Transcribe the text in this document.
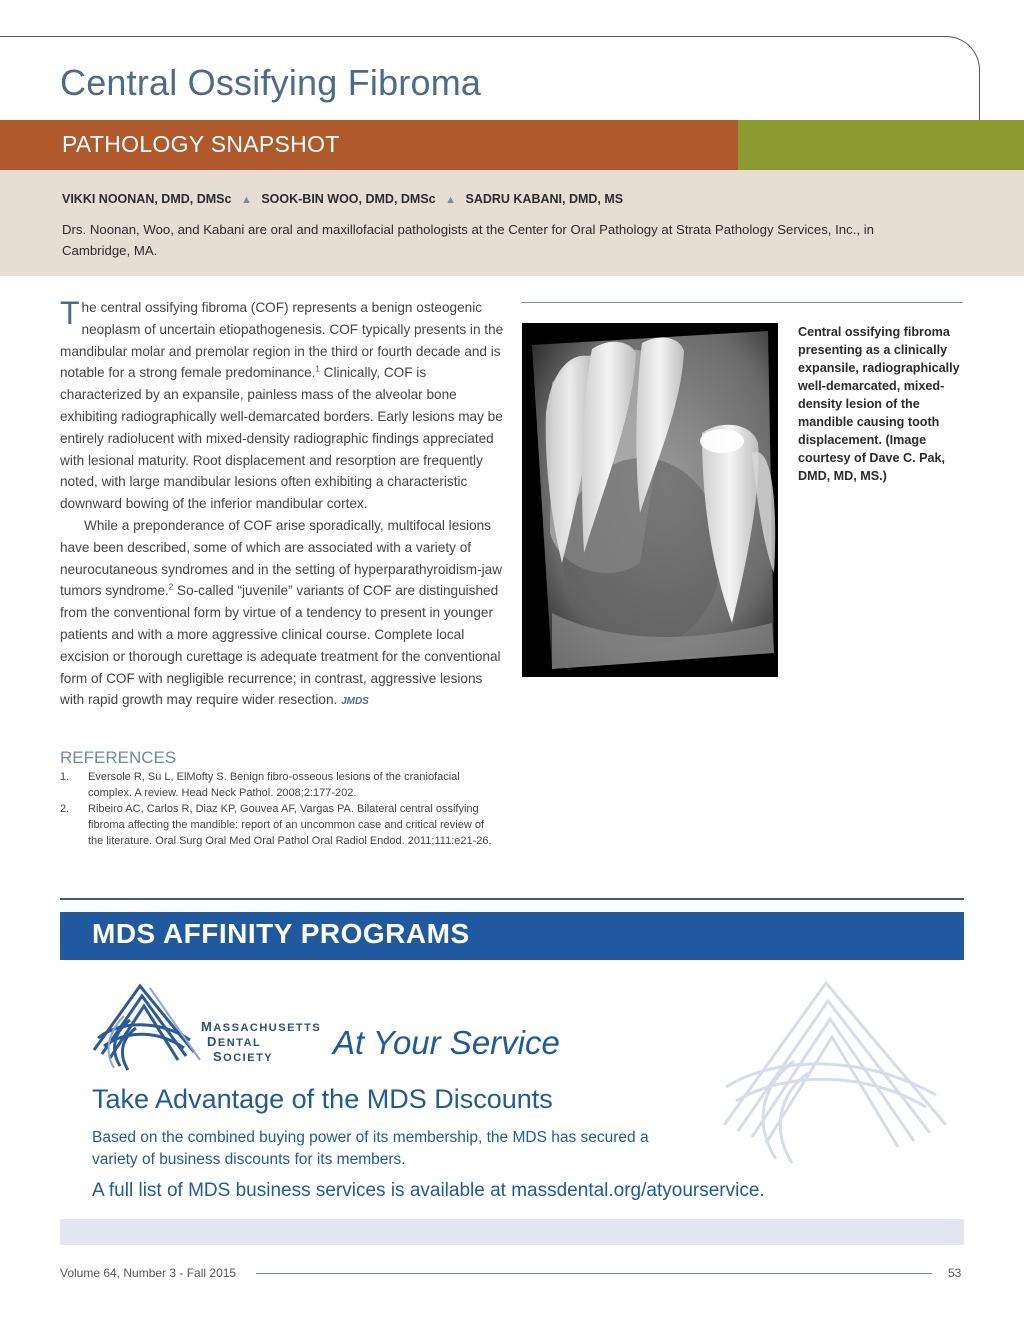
Central Ossifying Fibroma
PATHOLOGY SNAPSHOT
VIKKI NOONAN, DMD, DMSc ▲ SOOK-BIN WOO, DMD, DMSc ▲ SADRU KABANI, DMD, MS
Drs. Noonan, Woo, and Kabani are oral and maxillofacial pathologists at the Center for Oral Pathology at Strata Pathology Services, Inc., in Cambridge, MA.

The central ossifying fibroma (COF) represents a benign osteogenic neoplasm of uncertain etiopathogenesis. COF typically presents in the mandibular molar and premolar region in the third or fourth decade and is notable for a strong female predominance.$^1$ Clinically, COF is characterized by an expansile, painless mass of the alveolar bone exhibiting radiographically well-demarcated borders. Early lesions may be entirely radiolucent with mixed-density radiographic findings appreciated with lesional maturity. Root displacement and resorption are frequently noted, with large mandibular lesions often exhibiting a characteristic downward bowing of the inferior mandibular cortex.

While a preponderance of COF arise sporadically, multifocal lesions have been described, some of which are associated with a variety of neurocutaneous syndromes and in the setting of hyperparathyroidism-jaw tumors syndrome.$^2$ So-called “juvenile” variants of COF are distinguished from the conventional form by virtue of a tendency to present in younger patients and with a more aggressive clinical course. Complete local excision or thorough curettage is adequate treatment for the conventional form of COF with negligible recurrence; in contrast, aggressive lesions with rapid growth may require wider resection. JMDS

Central ossifying fibroma presenting as a clinically expansile, radiographically well-demarcated, mixed-density lesion of the mandible causing tooth displacement. (Image courtesy of Dave C. Pak, DMD, MD, MS.)
REFERENCES
1.	Eversole R, Su L, ElMofty S. Benign fibro-osseous lesions of the craniofacial complex. A review. Head Neck Pathol. 2008;2:177-202.
2.	Ribeiro AC, Carlos R, Diaz KP, Gouvea AF, Vargas PA. Bilateral central ossifying fibroma affecting the mandible: report of an uncommon case and critical review of the literature. Oral Surg Oral Med Oral Pathol Oral Radiol Endod. 2011;111:e21-26.
MDS AFFINITY PROGRAMS
MASSACHUSETTS
DENTAL
SOCIETY	At Your Service
Take Advantage of the MDS Discounts
Based on the combined buying power of its membership, the MDS has secured a variety of business discounts for its members.
A full list of MDS business services is available at massdental.org/atyourservice.
Volume 64, Number 3 - Fall 2015	53
